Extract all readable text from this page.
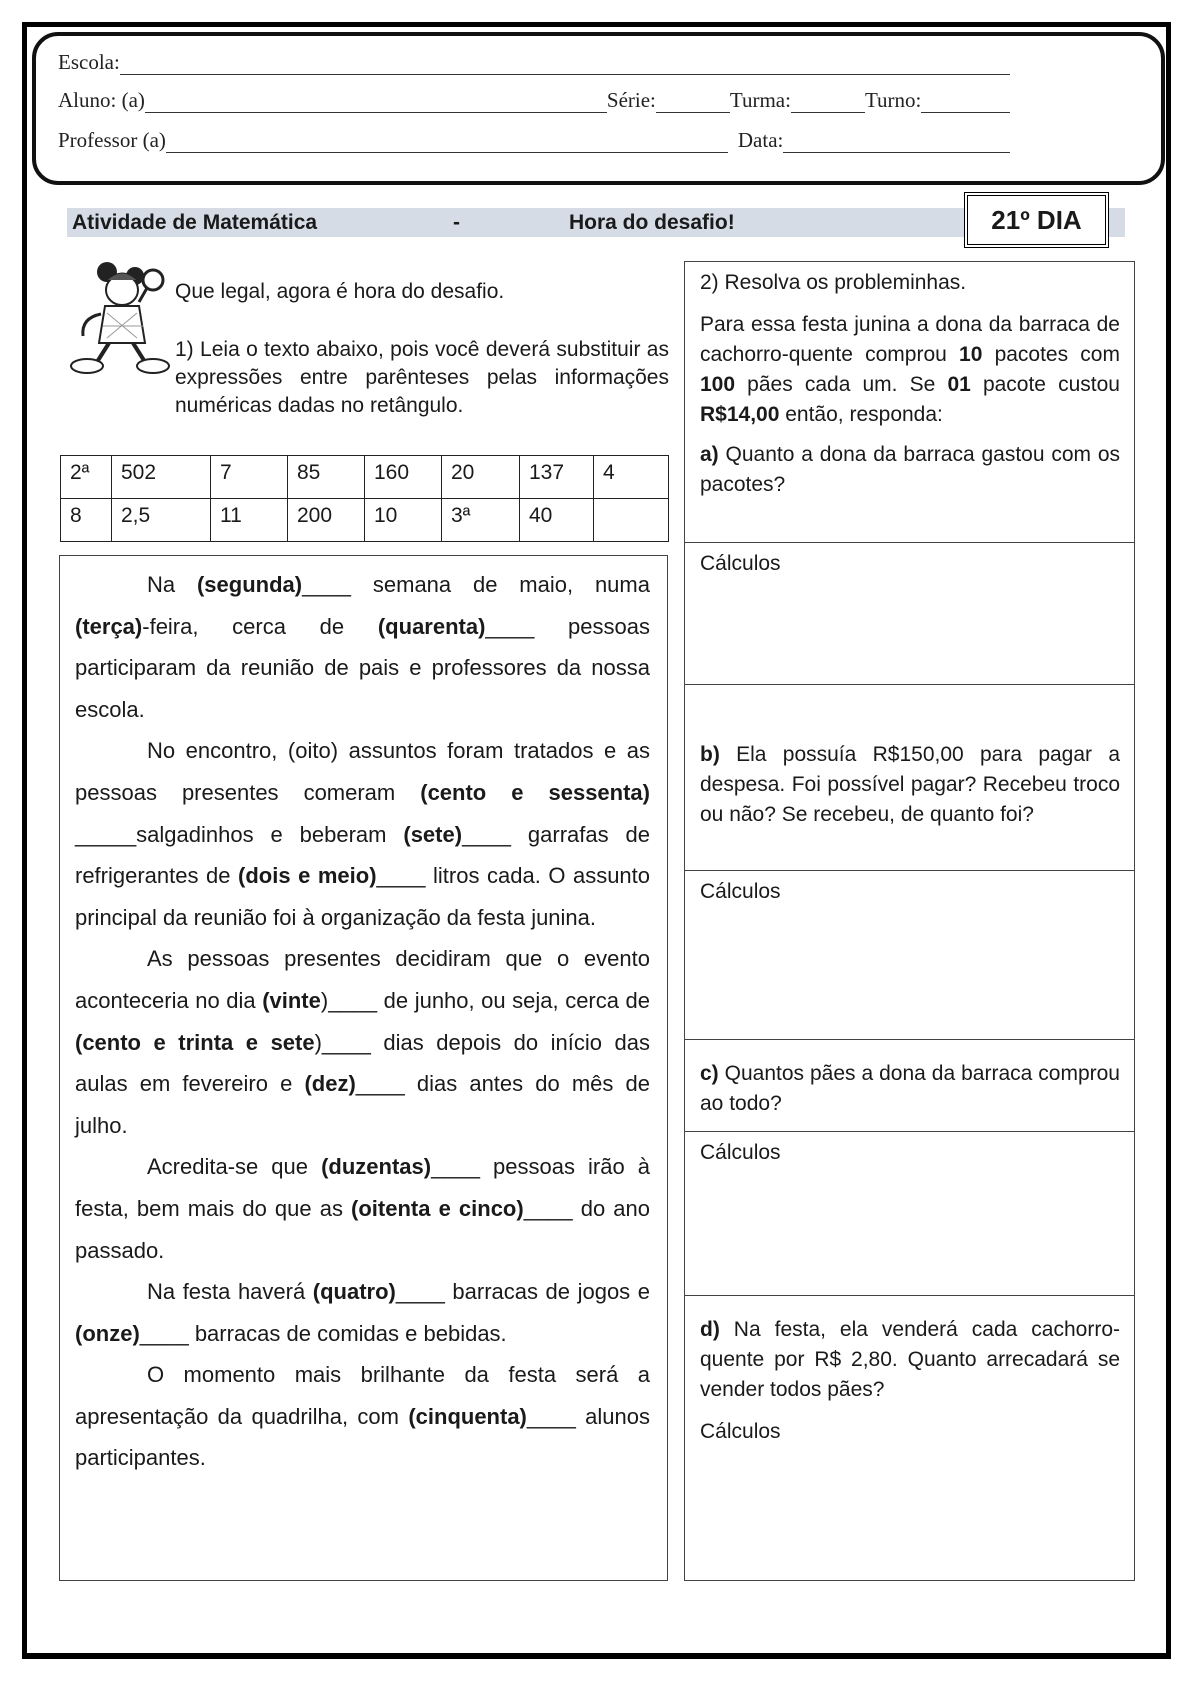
Escola:
Aluno: (a)	Série:	Turma:	Turno:
Professor (a)	Data:
Atividade de Matemática	-	Hora do desafio!	21º DIA
Que legal, agora é hora do desafio.
1) Leia o texto abaixo, pois você deverá substituir as expressões entre parênteses pelas informações numéricas dadas no retângulo.
2ª	502	7	85	160	20	137	4
8	2,5	11	200	10	3ª	40	

Na (segunda)____ semana de maio, numa (terça)-feira, cerca de (quarenta)____ pessoas participaram da reunião de pais e professores da nossa escola.

No encontro, (oito) assuntos foram tratados e as pessoas presentes comeram (cento e sessenta) _____salgadinhos e beberam (sete)____ garrafas de refrigerantes de (dois e meio)____ litros cada. O assunto principal da reunião foi à organização da festa junina.

As pessoas presentes decidiram que o evento aconteceria no dia (vinte)____ de junho, ou seja, cerca de (cento e trinta e sete)____ dias depois do início das aulas em fevereiro e (dez)____ dias antes do mês de julho.

Acredita-se que (duzentas)____ pessoas irão à festa, bem mais do que as (oitenta e cinco)____ do ano passado.

Na festa haverá (quatro)____ barracas de jogos e (onze)____ barracas de comidas e bebidas.

O momento mais brilhante da festa será a apresentação da quadrilha, com (cinquenta)____ alunos participantes.

2) Resolva os probleminhas.

Para essa festa junina a dona da barraca de cachorro-quente comprou 10 pacotes com 100 pães cada um. Se 01 pacote custou R$14,00 então, responda:

a) Quanto a dona da barraca gastou com os pacotes?

Cálculos

b) Ela possuía R$150,00 para pagar a despesa. Foi possível pagar? Recebeu troco ou não? Se recebeu, de quanto foi?

Cálculos

c) Quantos pães a dona da barraca comprou ao todo?

Cálculos

d) Na festa, ela venderá cada cachorro-quente por R$ 2,80. Quanto arrecadará se vender todos pães?

Cálculos
